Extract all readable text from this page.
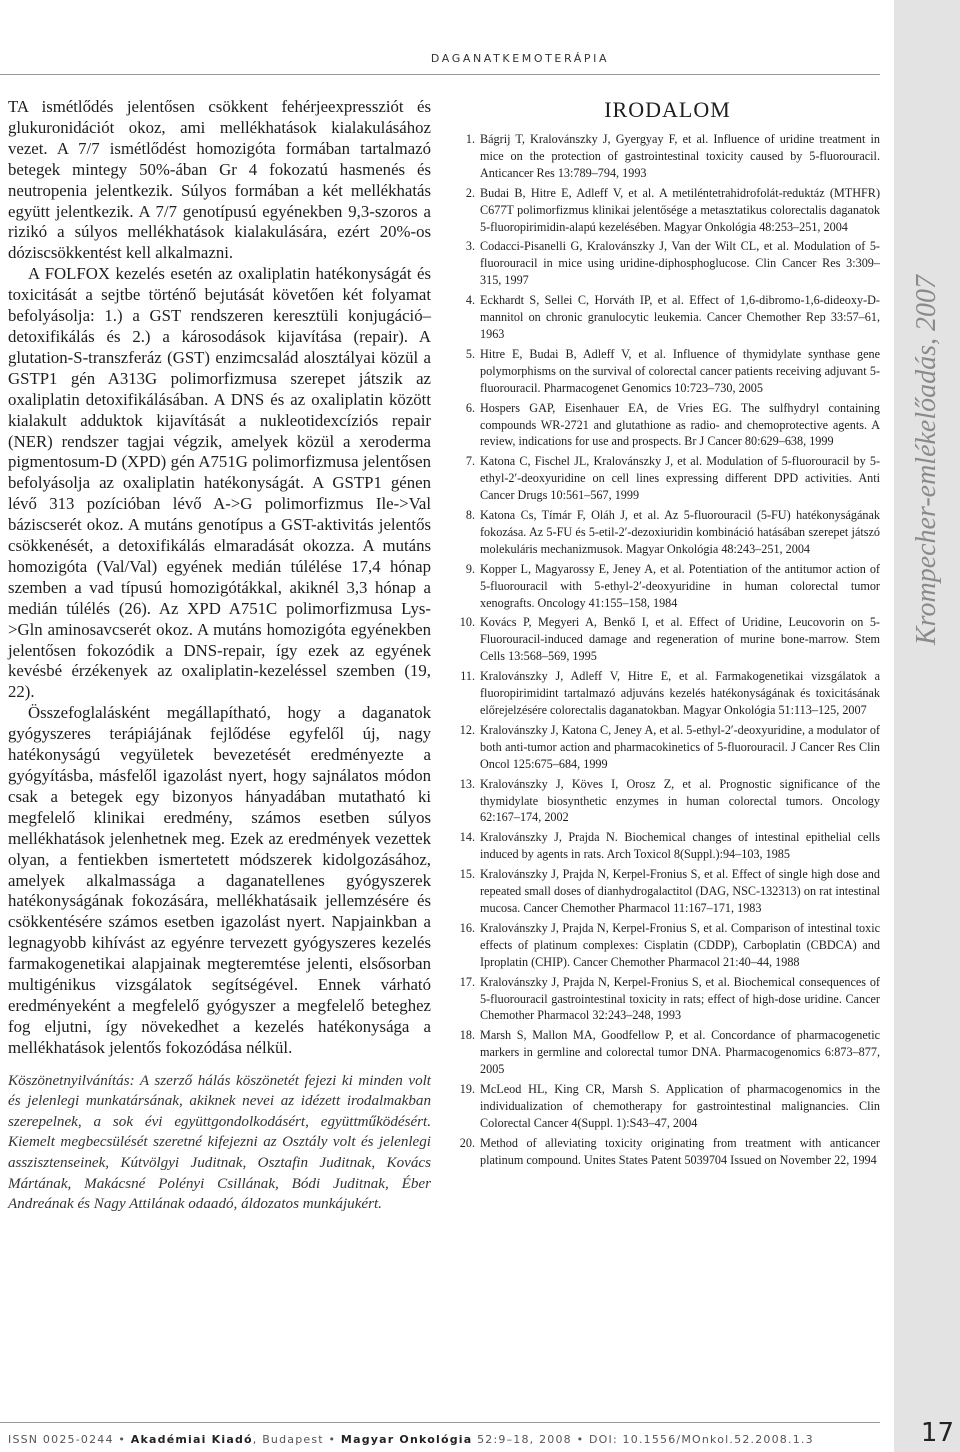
DAGANATKEMOTERÁPIA
Krompecher-emlékelőadás, 2007

TA ismétlődés jelentősen csökkent fehérjeexpressziót és glukuronidációt okoz, ami mellékhatások kialakulásához vezet. A 7/7 ismétlődést homozigóta formában tartalmazó betegek mintegy 50%-ában Gr 4 fokozatú hasmenés és neutropenia jelentkezik. Súlyos formában a két mellékhatás együtt jelentkezik. A 7/7 genotípusú egyénekben 9,3-szoros a rizikó a súlyos mellékhatások kialakulására, ezért 20%-os dóziscsökkentést kell alkalmazni.

A FOLFOX kezelés esetén az oxaliplatin hatékonyságát és toxicitását a sejtbe történő bejutását követően két folyamat befolyásolja: 1.) a GST rendszeren keresztüli konjugáció–detoxifikálás és 2.) a károsodások kijavítása (repair). A glutation-S-transzferáz (GST) enzimcsalád alosztályai közül a GSTP1 gén A313G polimorfizmusa szerepet játszik az oxaliplatin detoxifikálásában. A DNS és az oxaliplatin között kialakult adduktok kijavítását a nukleotidexcíziós repair (NER) rendszer tagjai végzik, amelyek közül a xeroderma pigmentosum-D (XPD) gén A751G polimorfizmusa jelentősen befolyásolja az oxaliplatin hatékonyságát. A GSTP1 génen lévő 313 pozícióban lévő A->G polimorfizmus Ile->Val báziscserét okoz. A mutáns genotípus a GST-aktivitás jelentős csökkenését, a detoxifikálás elmaradását okozza. A mutáns homozigóta (Val/Val) egyének medián túlélése 17,4 hónap szemben a vad típusú homozigótákkal, akiknél 3,3 hónap a medián túlélés (26). Az XPD A751C polimorfizmusa Lys->Gln aminosavcserét okoz. A mutáns homozigóta egyénekben jelentősen fokozódik a DNS-repair, így ezek az egyének kevésbé érzékenyek az oxaliplatin-kezeléssel szemben (19, 22).

Összefoglalásként megállapítható, hogy a daganatok gyógyszeres terápiájának fejlődése egyfelől új, nagy hatékonyságú vegyületek bevezetését eredményezte a gyógyításba, másfelől igazolást nyert, hogy sajnálatos módon csak a betegek egy bizonyos hányadában mutatható ki megfelelő klinikai eredmény, számos esetben súlyos mellékhatások jelenhetnek meg. Ezek az eredmények vezettek olyan, a fentiekben ismertetett módszerek kidolgozásához, amelyek alkalmassága a daganatellenes gyógyszerek hatékonyságának fokozására, mellékhatásaik jellemzésére és csökkentésére számos esetben igazolást nyert. Napjainkban a legnagyobb kihívást az egyénre tervezett gyógyszeres kezelés farmakogenetikai alapjainak megteremtése jelenti, elsősorban multigénikus vizsgálatok segítségével. Ennek várható eredményeként a megfelelő gyógyszer a megfelelő beteghez fog eljutni, így növekedhet a kezelés hatékonysága a mellékhatások jelentős fokozódása nélkül.

Köszönetnyilvánítás: A szerző hálás köszönetét fejezi ki minden volt és jelenlegi munkatársának, akiknek nevei az idézett irodalmakban szerepelnek, a sok évi együttgondolkodásért, együttműködésért. Kiemelt megbecsülését szeretné kifejezni az Osztály volt és jelenlegi asszisztenseinek, Kútvölgyi Juditnak, Osztafin Juditnak, Kovács Mártának, Makácsné Polényi Csillának, Bódi Juditnak, Éber Andreának és Nagy Attilának odaadó, áldozatos munkájukért.
IRODALOM
1. Bágrij T, Kralovánszky J, Gyergyay F, et al. Influence of uridine treatment in mice on the protection of gastrointestinal toxicity caused by 5-fluorouracil. Anticancer Res 13:789–794, 1993
2. Budai B, Hitre E, Adleff V, et al. A metiléntetrahidrofolát-reduktáz (MTHFR) C677T polimorfizmus klinikai jelentősége a metasztatikus colorectalis daganatok 5-fluoropirimidin-alapú kezelésében. Magyar Onkológia 48:253–251, 2004
3. Codacci-Pisanelli G, Kralovánszky J, Van der Wilt CL, et al. Modulation of 5-fluorouracil in mice using uridine-diphosphoglucose. Clin Cancer Res 3:309–315, 1997
4. Eckhardt S, Sellei C, Horváth IP, et al. Effect of 1,6-dibromo-1,6-dideoxy-D-mannitol on chronic granulocytic leukemia. Cancer Chemother Rep 33:57–61, 1963
5. Hitre E, Budai B, Adleff V, et al. Influence of thymidylate synthase gene polymorphisms on the survival of colorectal cancer patients receiving adjuvant 5-fluorouracil. Pharmacogenet Genomics 10:723–730, 2005
6. Hospers GAP, Eisenhauer EA, de Vries EG. The sulfhydryl containing compounds WR-2721 and glutathione as radio- and chemoprotective agents. A review, indications for use and prospects. Br J Cancer 80:629–638, 1999
7. Katona C, Fischel JL, Kralovánszky J, et al. Modulation of 5-fluorouracil by 5-ethyl-2′-deoxyuridine on cell lines expressing different DPD activities. Anti Cancer Drugs 10:561–567, 1999
8. Katona Cs, Tímár F, Oláh J, et al. Az 5-fluorouracil (5-FU) hatékonyságának fokozása. Az 5-FU és 5-etil-2′-dezoxiuridin kombináció hatásában szerepet játszó molekuláris mechanizmusok. Magyar Onkológia 48:243–251, 2004
9. Kopper L, Magyarossy E, Jeney A, et al. Potentiation of the antitumor action of 5-fluorouracil with 5-ethyl-2′-deoxyuridine in human colorectal tumor xenografts. Oncology 41:155–158, 1984
10. Kovács P, Megyeri A, Benkő I, et al. Effect of Uridine, Leucovorin on 5-Fluorouracil-induced damage and regeneration of murine bone-marrow. Stem Cells 13:568–569, 1995
11. Kralovánszky J, Adleff V, Hitre E, et al. Farmakogenetikai vizsgálatok a fluoropirimidint tartalmazó adjuváns kezelés hatékonyságának és toxicitásának előrejelzésére colorectalis daganatokban. Magyar Onkológia 51:113–125, 2007
12. Kralovánszky J, Katona C, Jeney A, et al. 5-ethyl-2′-deoxyuridine, a modulator of both anti-tumor action and pharmacokinetics of 5-fluorouracil. J Cancer Res Clin Oncol 125:675–684, 1999
13. Kralovánszky J, Köves I, Orosz Z, et al. Prognostic significance of the thymidylate biosynthetic enzymes in human colorectal tumors. Oncology 62:167–174, 2002
14. Kralovánszky J, Prajda N. Biochemical changes of intestinal epithelial cells induced by agents in rats. Arch Toxicol 8(Suppl.):94–103, 1985
15. Kralovánszky J, Prajda N, Kerpel-Fronius S, et al. Effect of single high dose and repeated small doses of dianhydrogalactitol (DAG, NSC-132313) on rat intestinal mucosa. Cancer Chemother Pharmacol 11:167–171, 1983
16. Kralovánszky J, Prajda N, Kerpel-Fronius S, et al. Comparison of intestinal toxic effects of platinum complexes: Cisplatin (CDDP), Carboplatin (CBDCA) and Iproplatin (CHIP). Cancer Chemother Pharmacol 21:40–44, 1988
17. Kralovánszky J, Prajda N, Kerpel-Fronius S, et al. Biochemical consequences of 5-fluorouracil gastrointestinal toxicity in rats; effect of high-dose uridine. Cancer Chemother Pharmacol 32:243–248, 1993
18. Marsh S, Mallon MA, Goodfellow P, et al. Concordance of pharmacogenetic markers in germline and colorectal tumor DNA. Pharmacogenomics 6:873–877, 2005
19. McLeod HL, King CR, Marsh S. Application of pharmacogenomics in the individualization of chemotherapy for gastrointestinal malignancies. Clin Colorectal Cancer 4(Suppl. 1):S43–47, 2004
20. Method of alleviating toxicity originating from treatment with anticancer platinum compound. Unites States Patent 5039704 Issued on November 22, 1994
ISSN 0025-0244 • Akadémiai Kiadó, Budapest • Magyar Onkológia 52:9–18, 2008 • DOI: 10.1556/MOnkol.52.2008.1.3	17
